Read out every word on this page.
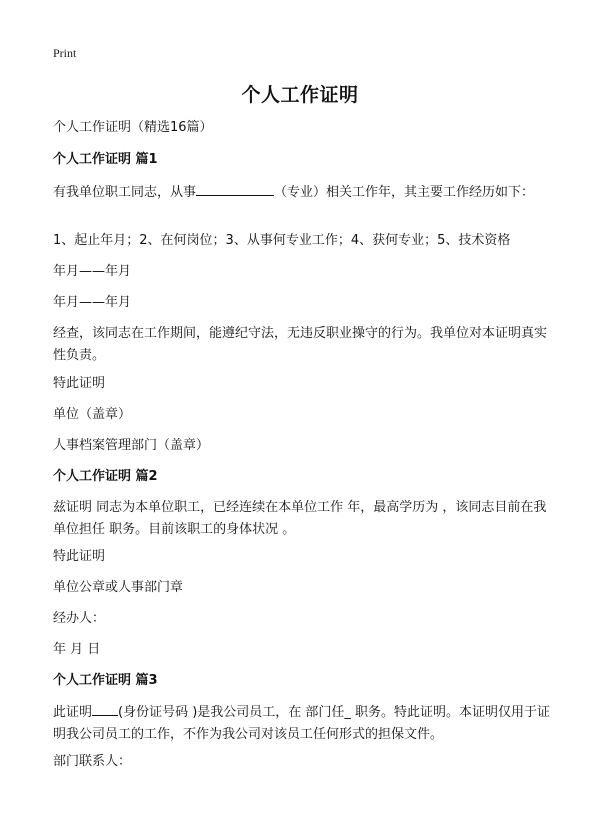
Print
个人工作证明

个人工作证明（精选16篇）

个人工作证明 篇1

有我单位职工同志，从事	（专业）相关工作年，其主要工作经历如下：

1、起止年月；2、在何岗位；3、从事何专业工作；4、获何专业；5、技术资格

年月——年月

年月——年月

经查，该同志在工作期间，能遵纪守法，无违反职业操守的行为。我单位对本证明真实性负责。

特此证明

单位（盖章）

人事档案管理部门（盖章）

个人工作证明 篇2

兹证明 同志为本单位职工，已经连续在本单位工作 年，最高学历为 ，该同志目前在我单位担任 职务。目前该职工的身体状况 。

特此证明

单位公章或人事部门章

经办人：

年 月 日

个人工作证明 篇3

此证明 (身份证号码 )是我公司员工，在 部门任_ 职务。特此证明。本证明仅用于证明我公司员工的工作，不作为我公司对该员工任何形式的担保文件。

部门联系人：
